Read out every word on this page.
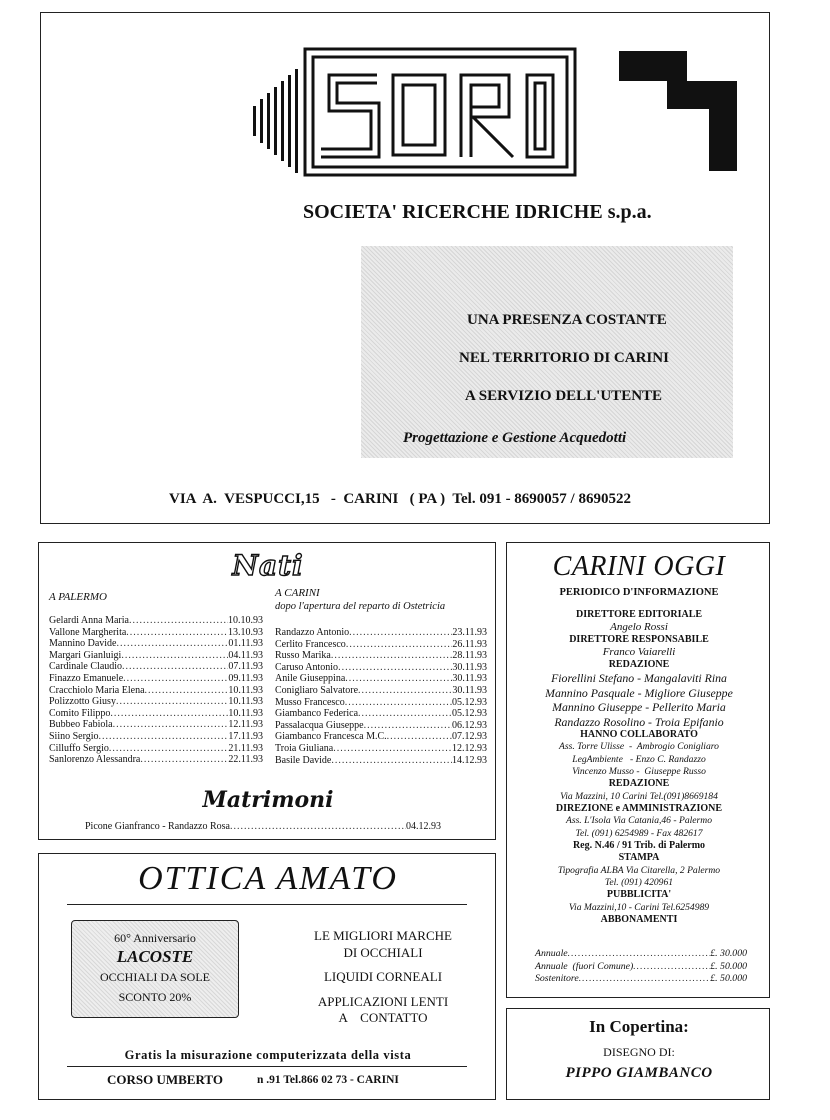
SOCIETA' RICERCHE IDRICHE s.p.a.
UNA PRESENZA COSTANTE
NEL TERRITORIO DI CARINI
A SERVIZIO DELL'UTENTE
Progettazione e Gestione Acquedotti
VIA  A.  VESPUCCI,15   -  CARINI   ( PA )  Tel. 091 - 8690057 / 8690522
Nati
A PALERMO	A CARINI
dopo l'apertura del reparto di Ostetricia
Gelardi Anna Maria .....	10.10.93
Vallone Margherita .....	13.10.93
Mannino Davide .....	01.11.93
Margari Gianluigi .....	04.11.93
Cardinale Claudio .....	07.11.93
Finazzo Emanuele .....	09.11.93
Cracchiolo Maria Elena .....	10.11.93
Polizzotto Giusy .....	10.11.93
Comito Filippo .....	10.11.93
Bubbeo Fabiola .....	12.11.93
Siino Sergio .....	17.11.93
Cilluffo Sergio .....	21.11.93
Sanlorenzo Alessandra .....	22.11.93
Randazzo Antonio .....	23.11.93
Cerlito Francesco .....	26.11.93
Russo Marika .....	28.11.93
Caruso Antonio .....	30.11.93
Anile Giuseppina .....	30.11.93
Conigliaro Salvatore .....	30.11.93
Musso Francesco .....	05.12.93
Giambanco Federica .....	05.12.93
Passalacqua Giuseppe .....	06.12.93
Giambanco Francesca M.C. .....	07.12.93
Troia Giuliana .....	12.12.93
Basile Davide .....	14.12.93
Matrimoni
Picone Gianfranco - Randazzo Rosa .....	04.12.93
CARINI OGGI
PERIODICO D'INFORMAZIONE
DIRETTORE EDITORIALE
Angelo Rossi
DIRETTORE RESPONSABILE
Franco Vaiarelli
REDAZIONE
Fiorellini Stefano - Mangalaviti Rina
Mannino Pasquale - Migliore Giuseppe
Mannino Giuseppe - Pellerito Maria
Randazzo Rosolino - Troia Epifanio
HANNO COLLABORATO
Ass. Torre Ulisse  -  Ambrogio Conigliaro
LegAmbiente   - Enzo C. Randazzo
Vincenzo Musso -  Giuseppe Russo
REDAZIONE
Via Mazzini, 10 Carini Tel.(091)8669184
DIREZIONE e AMMINISTRAZIONE
Ass. L'Isola Via Catania,46 - Palermo
Tel. (091) 6254989 - Fax 482617
Reg. N.46 / 91 Trib. di Palermo
STAMPA
Tipografia ALBA Via Citarella, 2 Palermo
Tel. (091) 420961
PUBBLICITA'
Via Mazzini,10 - Carini Tel.6254989
ABBONAMENTI
Annuale .....	£. 30.000
Annuale  (fuori Comune) .....	£. 50.000
Sostenitore .....	£. 50.000
OTTICA AMATO
60° Anniversario
LACOSTE
OCCHIALI DA SOLE
SCONTO 20%
LE MIGLIORI MARCHE
DI OCCHIALI
LIQUIDI CORNEALI
APPLICAZIONI LENTI
A    CONTATTO
Gratis la misurazione computerizzata della vista
CORSO UMBERTO	n .91 Tel.866 02 73 - CARINI
In Copertina:
DISEGNO DI:
PIPPO GIAMBANCO
